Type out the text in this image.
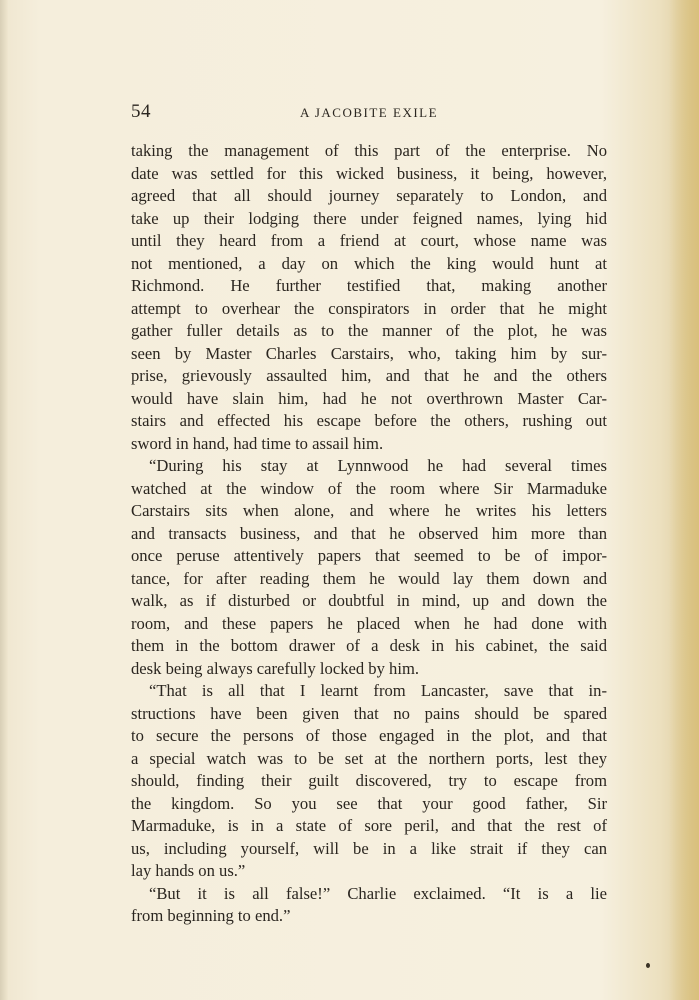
54	A JACOBITE EXILE
taking the management of this part of the enterprise. No
date was settled for this wicked business, it being, however,
agreed that all should journey separately to London, and
take up their lodging there under feigned names, lying hid
until they heard from a friend at court, whose name was
not mentioned, a day on which the king would hunt at
Richmond. He further testified that, making another
attempt to overhear the conspirators in order that he might
gather fuller details as to the manner of the plot, he was
seen by Master Charles Carstairs, who, taking him by sur-
prise, grievously assaulted him, and that he and the others
would have slain him, had he not overthrown Master Car-
stairs and effected his escape before the others, rushing out
sword in hand, had time to assail him.
“During his stay at Lynnwood he had several times
watched at the window of the room where Sir Marmaduke
Carstairs sits when alone, and where he writes his letters
and transacts business, and that he observed him more than
once peruse attentively papers that seemed to be of impor-
tance, for after reading them he would lay them down and
walk, as if disturbed or doubtful in mind, up and down the
room, and these papers he placed when he had done with
them in the bottom drawer of a desk in his cabinet, the said
desk being always carefully locked by him.
“That is all that I learnt from Lancaster, save that in-
structions have been given that no pains should be spared
to secure the persons of those engaged in the plot, and that
a special watch was to be set at the northern ports, lest they
should, finding their guilt discovered, try to escape from
the kingdom. So you see that your good father, Sir
Marmaduke, is in a state of sore peril, and that the rest of
us, including yourself, will be in a like strait if they can
lay hands on us.”
“But it is all false!” Charlie exclaimed. “It is a lie
from beginning to end.”
